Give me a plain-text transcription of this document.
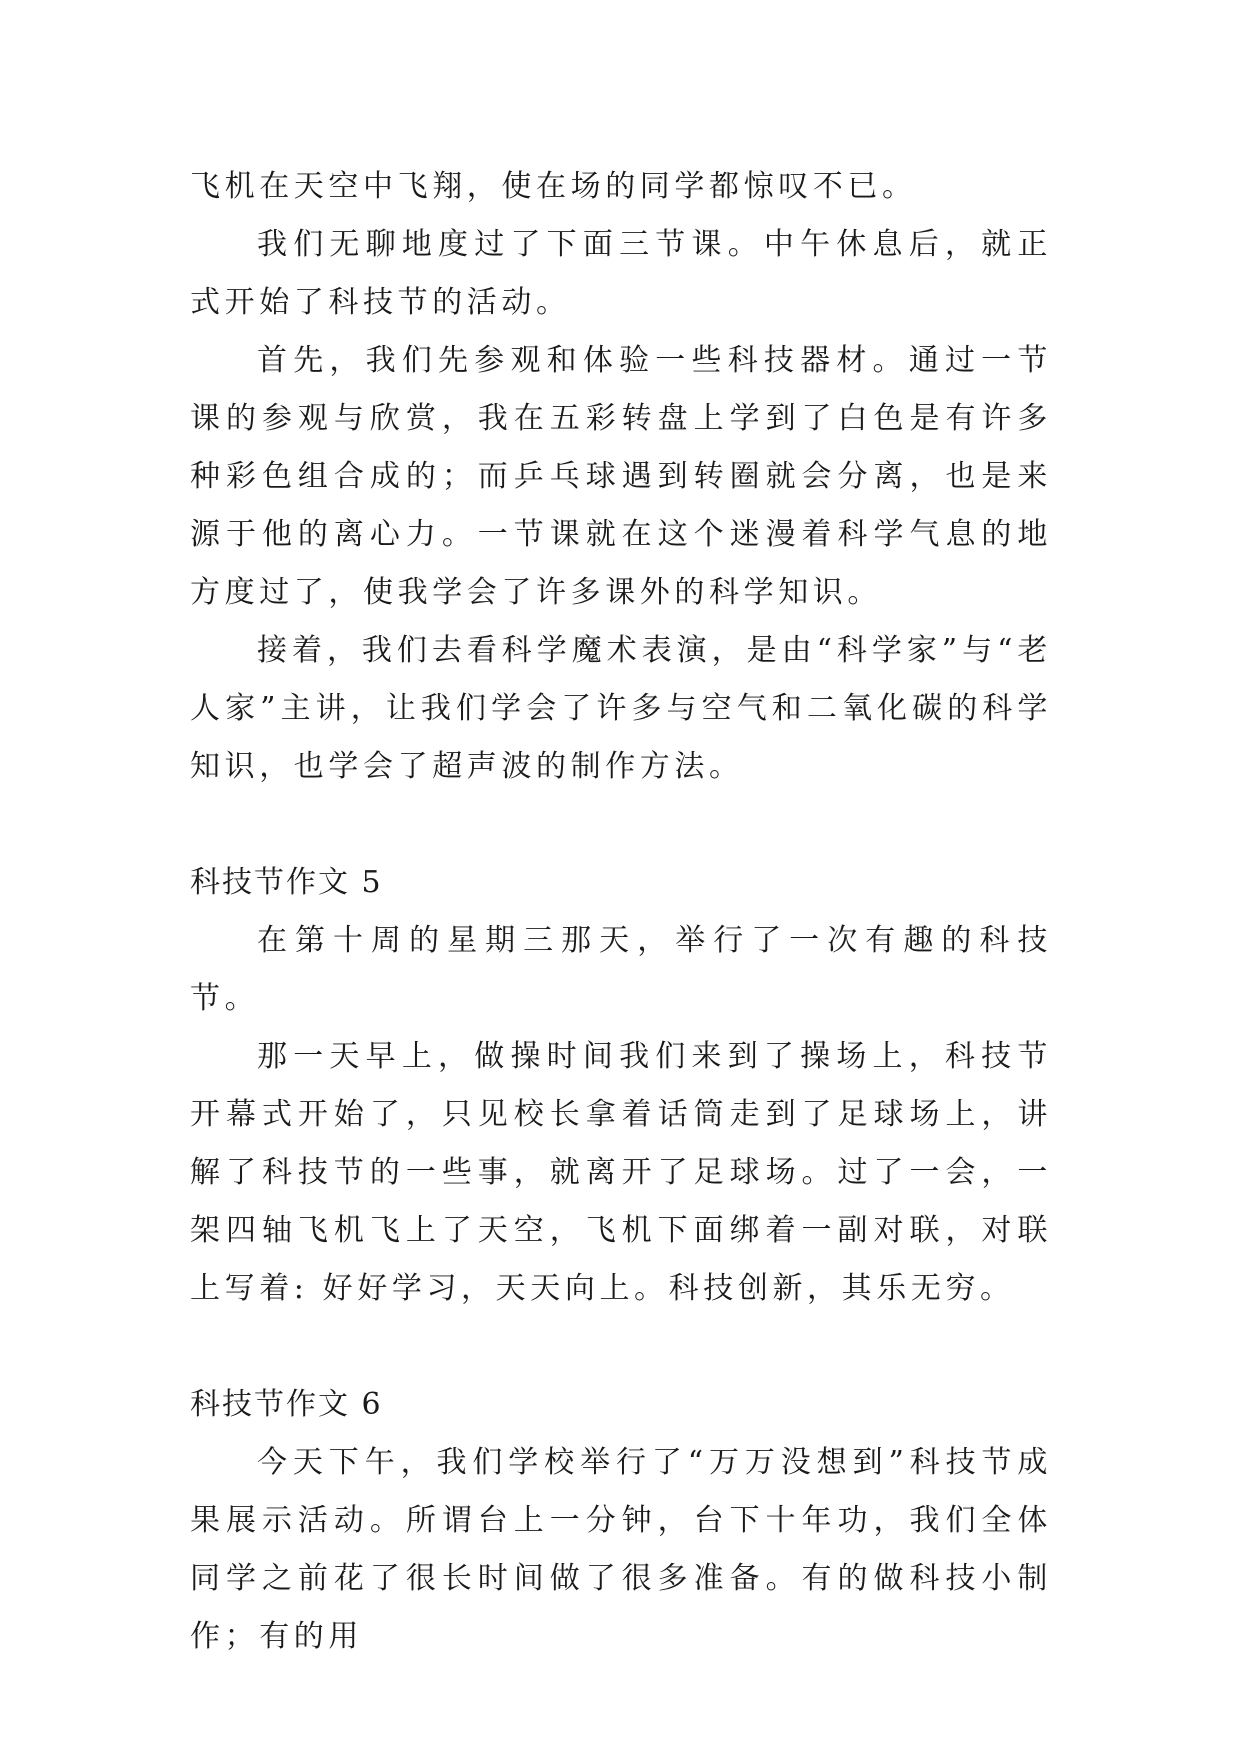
飞机在天空中飞翔，使在场的同学都惊叹不已。

我们无聊地度过了下面三节课。中午休息后，就正式开始了科技节的活动。

首先，我们先参观和体验一些科技器材。通过一节课的参观与欣赏，我在五彩转盘上学到了白色是有许多种彩色组合成的；而乒乓球遇到转圈就会分离，也是来源于他的离心力。一节课就在这个迷漫着科学气息的地方度过了，使我学会了许多课外的科学知识。

接着，我们去看科学魔术表演，是由“科学家”与“老人家”主讲，让我们学会了许多与空气和二氧化碳的科学知识，也学会了超声波的制作方法。

科技节作文 5

在第十周的星期三那天，举行了一次有趣的科技节。

那一天早上，做操时间我们来到了操场上，科技节开幕式开始了，只见校长拿着话筒走到了足球场上，讲解了科技节的一些事，就离开了足球场。过了一会，一架四轴飞机飞上了天空，飞机下面绑着一副对联，对联上写着: 好好学习，天天向上。科技创新，其乐无穷。

科技节作文 6

今天下午，我们学校举行了“万万没想到”科技节成果展示活动。所谓台上一分钟，台下十年功，我们全体同学之前花了很长时间做了很多准备。有的做科技小制作；有的用
